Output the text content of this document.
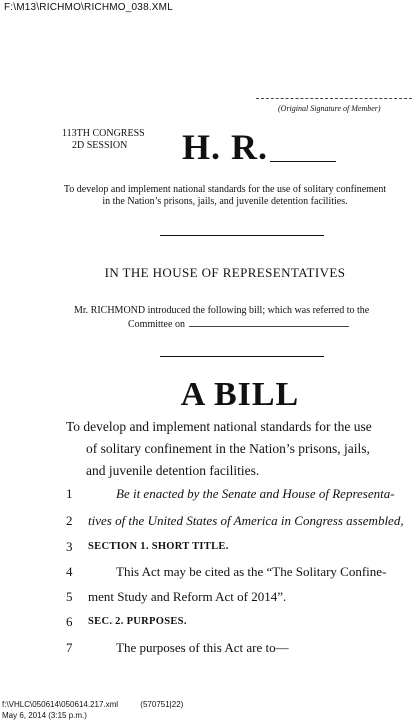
F:\M13\RICHMO\RICHMO_038.XML
(Original Signature of Member)
113TH CONGRESS
2D SESSION	H. R.
To develop and implement national standards for the use of solitary confinement in the Nation’s prisons, jails, and juvenile detention facilities.
IN THE HOUSE OF REPRESENTATIVES
Mr. RICHMOND introduced the following bill; which was referred to the
Committee on
A BILL
To develop and implement national standards for the use
of solitary confinement in the Nation’s prisons, jails,
and juvenile detention facilities.
1	Be it enacted by the Senate and House of Representa-
2	tives of the United States of America in Congress assembled,
3	SECTION 1. SHORT TITLE.
4	This Act may be cited as the “The Solitary Confine-
5	ment Study and Reform Act of 2014”.
6	SEC. 2. PURPOSES.
7	The purposes of this Act are to—
f:\VHLC\050614\050614.217.xml          (570751|22)
May 6, 2014 (3:15 p.m.)
